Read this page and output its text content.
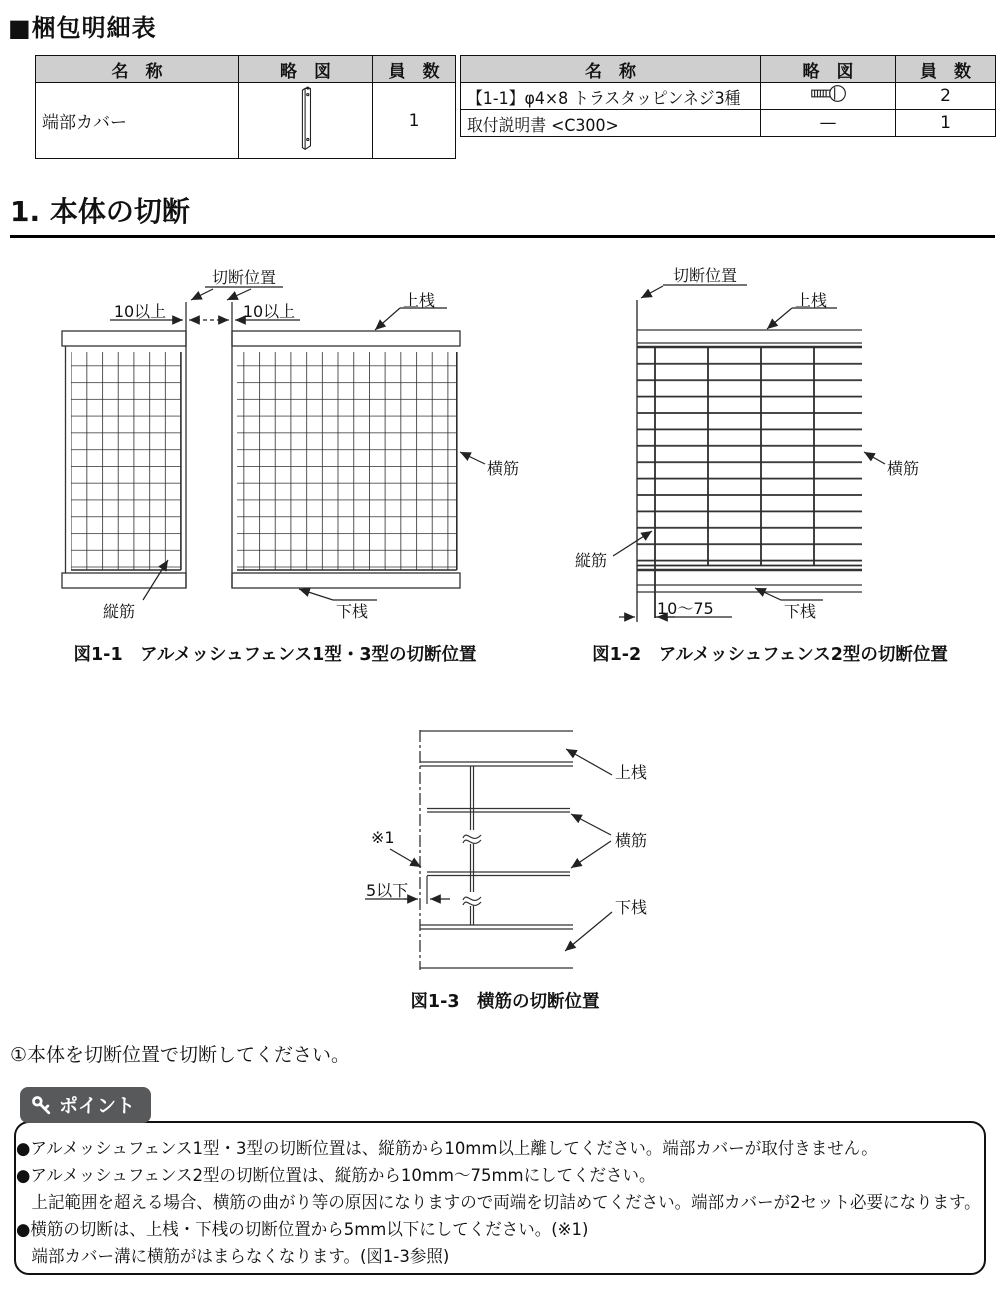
■梱包明細表
名　称	略　図	員　数
端部カバー		1
名　称	略　図	員　数
【1-1】φ4×8 トラスタッピンネジ3種		2
取付説明書 <C300>	—	1
1. 本体の切断
切断位置
10以上	10以上
上桟
横筋
縦筋	下桟
図1-1　アルメッシュフェンス1型・3型の切断位置
切断位置
上桟
横筋
縦筋
10〜75	下桟
図1-2　アルメッシュフェンス2型の切断位置
上桟
横筋
下桟
※1
5以下
図1-3　横筋の切断位置
①本体を切断位置で切断してください。
ポイント
●アルメッシュフェンス1型・3型の切断位置は、縦筋から10mm以上離してください。端部カバーが取付きません。
●アルメッシュフェンス2型の切断位置は、縦筋から10mm〜75mmにしてください。
上記範囲を超える場合、横筋の曲がり等の原因になりますので両端を切詰めてください。端部カバーが2セット必要になります。
●横筋の切断は、上桟・下桟の切断位置から5mm以下にしてください。(※1)
端部カバー溝に横筋がはまらなくなります。(図1-3参照)
